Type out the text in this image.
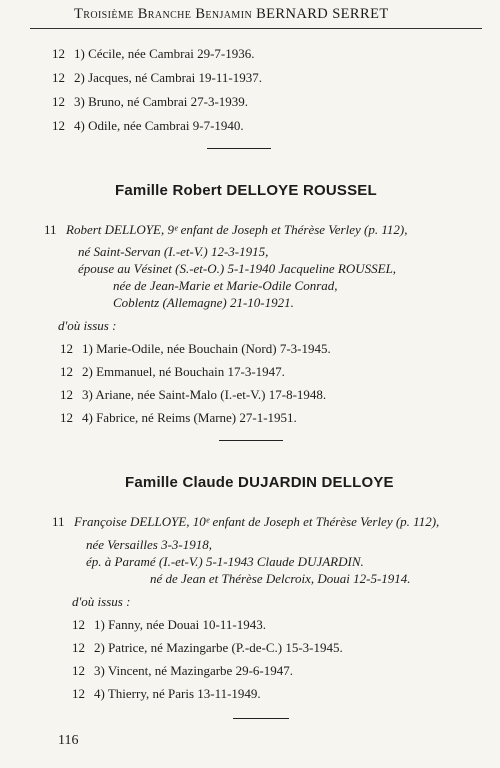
Troisième Branche Benjamin BERNARD SERRET
12 1) Cécile, née Cambrai 29-7-1936.
12 2) Jacques, né Cambrai 19-11-1937.
12 3) Bruno, né Cambrai 27-3-1939.
12 4) Odile, née Cambrai 9-7-1940.
Famille Robert DELLOYE ROUSSEL
11 Robert DELLOYE, 9ᵉ enfant de Joseph et Thérèse Verley (p. 112),
né Saint-Servan (I.-et-V.) 12-3-1915,
épouse au Vésinet (S.-et-O.) 5-1-1940 Jacqueline ROUSSEL,
née de Jean-Marie et Marie-Odile Conrad,
Coblentz (Allemagne) 21-10-1921.
d'où issus :
12 1) Marie-Odile, née Bouchain (Nord) 7-3-1945.
12 2) Emmanuel, né Bouchain 17-3-1947.
12 3) Ariane, née Saint-Malo (I.-et-V.) 17-8-1948.
12 4) Fabrice, né Reims (Marne) 27-1-1951.
Famille Claude DUJARDIN DELLOYE
11 Françoise DELLOYE, 10ᵉ enfant de Joseph et Thérèse Verley (p. 112),
née Versailles 3-3-1918,
ép. à Paramé (I.-et-V.) 5-1-1943 Claude DUJARDIN.
né de Jean et Thérèse Delcroix, Douai 12-5-1914.
d'où issus :
12 1) Fanny, née Douai 10-11-1943.
12 2) Patrice, né Mazingarbe (P.-de-C.) 15-3-1945.
12 3) Vincent, né Mazingarbe 29-6-1947.
12 4) Thierry, né Paris 13-11-1949.
116
